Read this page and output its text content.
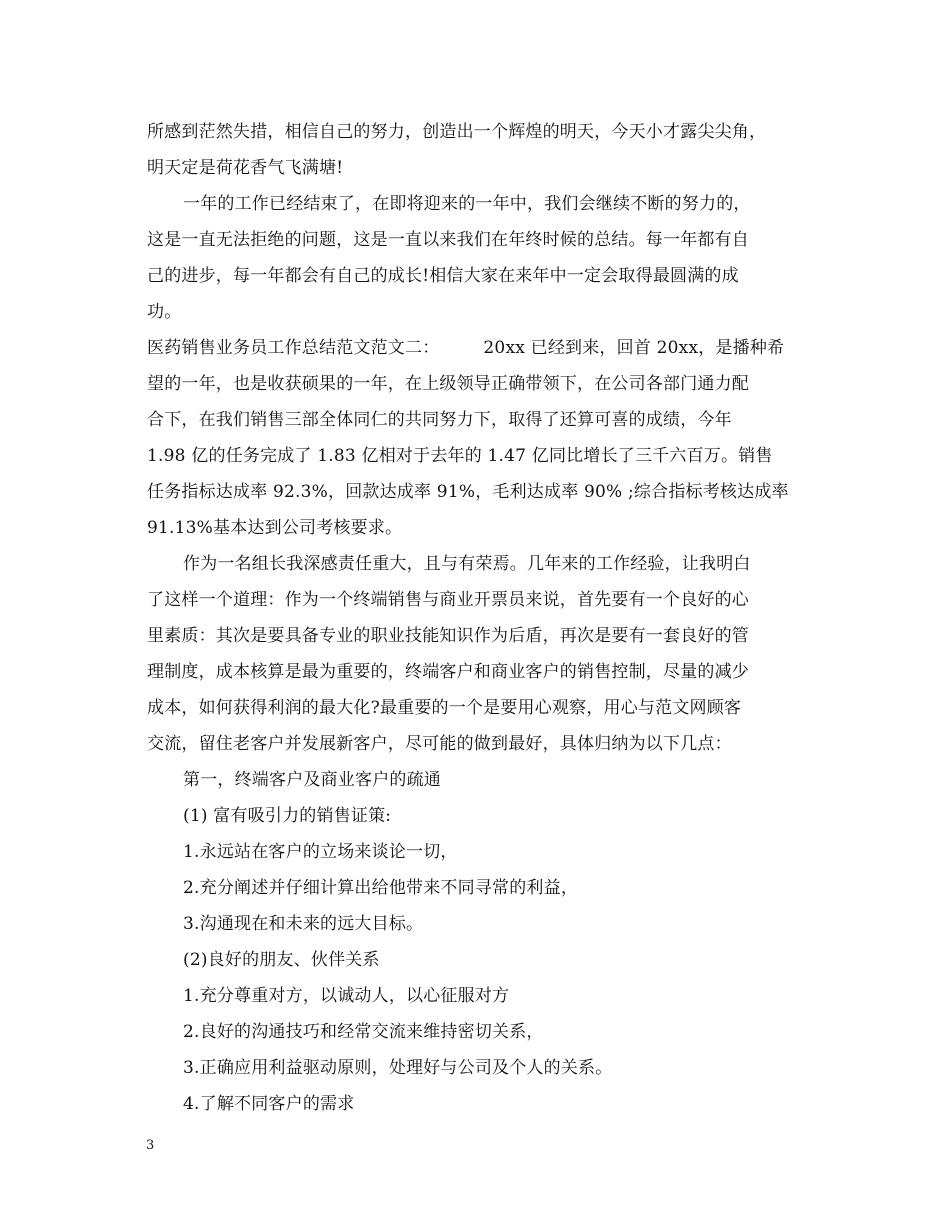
所感到茫然失措，相信自己的努力，创造出一个辉煌的明天，今天小才露尖尖角，
明天定是荷花香气飞满塘!
一年的工作已经结束了，在即将迎来的一年中，我们会继续不断的努力的，
这是一直无法拒绝的问题，这是一直以来我们在年终时候的总结。每一年都有自
己的进步，每一年都会有自己的成长!相信大家在来年中一定会取得最圆满的成
功。
医药销售业务员工作总结范文范文二：	20xx 已经到来，回首 20xx，是播种希
望的一年，也是收获硕果的一年，在上级领导正确带领下，在公司各部门通力配
合下，在我们销售三部全体同仁的共同努力下，取得了还算可喜的成绩，今年
1.98 亿的任务完成了 1.83 亿相对于去年的 1.47 亿同比增长了三千六百万。销售
任务指标达成率 92.3%，回款达成率 91%，毛利达成率 90% ;综合指标考核达成率
91.13%基本达到公司考核要求。
作为一名组长我深感责任重大，且与有荣焉。几年来的工作经验，让我明白
了这样一个道理：作为一个终端销售与商业开票员来说，首先要有一个良好的心
里素质：其次是要具备专业的职业技能知识作为后盾，再次是要有一套良好的管
理制度，成本核算是最为重要的，终端客户和商业客户的销售控制，尽量的减少
成本，如何获得利润的最大化?最重要的一个是要用心观察，用心与范文网顾客
交流，留住老客户并发展新客户，尽可能的做到最好，具体归纳为以下几点：
第一，终端客户及商业客户的疏通
(1) 富有吸引力的销售证策:
1.永远站在客户的立场来谈论一切，
2.充分阐述并仔细计算出给他带来不同寻常的利益，
3.沟通现在和未来的远大目标。
(2)良好的朋友、伙伴关系
1.充分尊重对方，以诚动人，以心征服对方
2.良好的沟通技巧和经常交流来维持密切关系，
3.正确应用利益驱动原则，处理好与公司及个人的关系。
4.了解不同客户的需求
3
